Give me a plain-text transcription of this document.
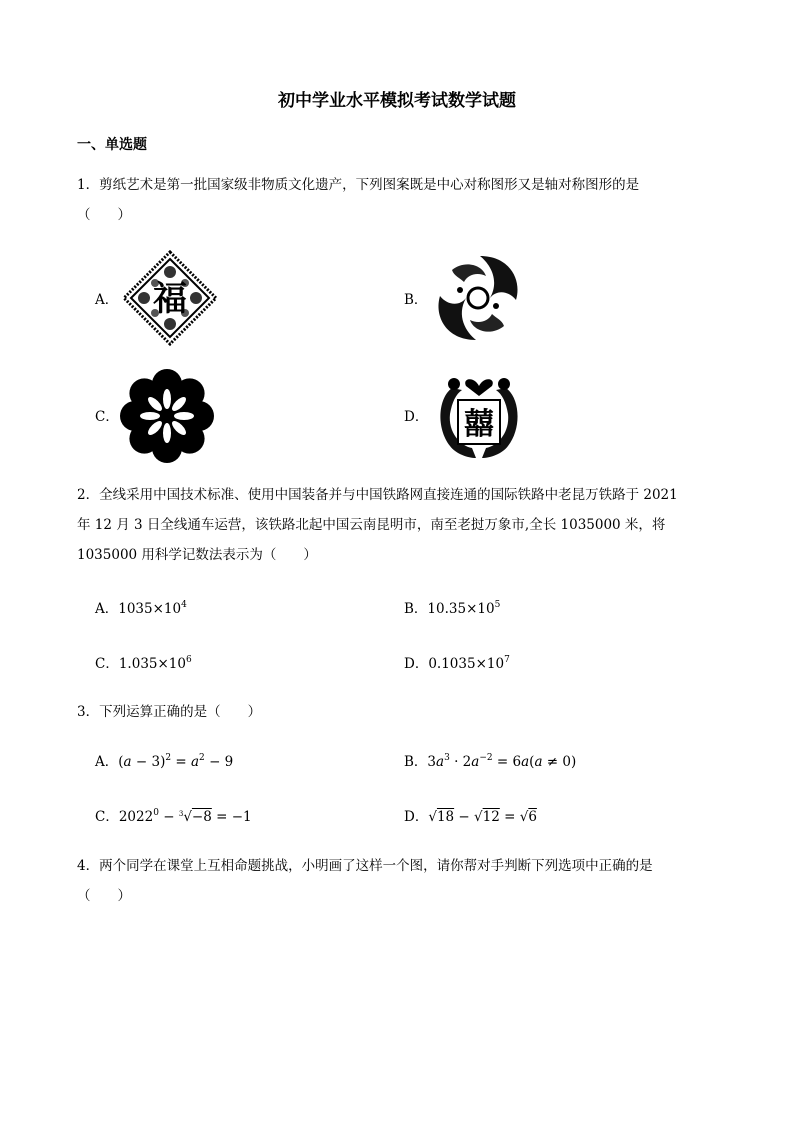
初中学业水平模拟考试数学试题
一、单选题
1．剪纸艺术是第一批国家级非物质文化遗产，下列图案既是中心对称图形又是轴对称图形的是
（　　）
A． 福	B．
C．	D． 囍
2．全线采用中国技术标准、使用中国装备并与中国铁路网直接连通的国际铁路中老昆万铁路于 2021
年 12 月 3 日全线通车运营，该铁路北起中国云南昆明市，南至老挝万象市,全长 1035000 米，将
1035000 用科学记数法表示为（　　）
A．$1035\times 10^4$	B．$10.35\times 10^5$
C．$1.035\times 10^6$	D．$0.1035\times 10^7$
3．下列运算正确的是（　　）
A．$(a - 3)^2 = a^2 - 9$	B．$3a^3 \cdot 2a^{-2} = 6a(a \ne 0)$
C．$2022^0 - ^3√-8 = -1$	D．√18 − √12 = √6
4．两个同学在课堂上互相命题挑战，小明画了这样一个图，请你帮对手判断下列选项中正确的是
（　　）
